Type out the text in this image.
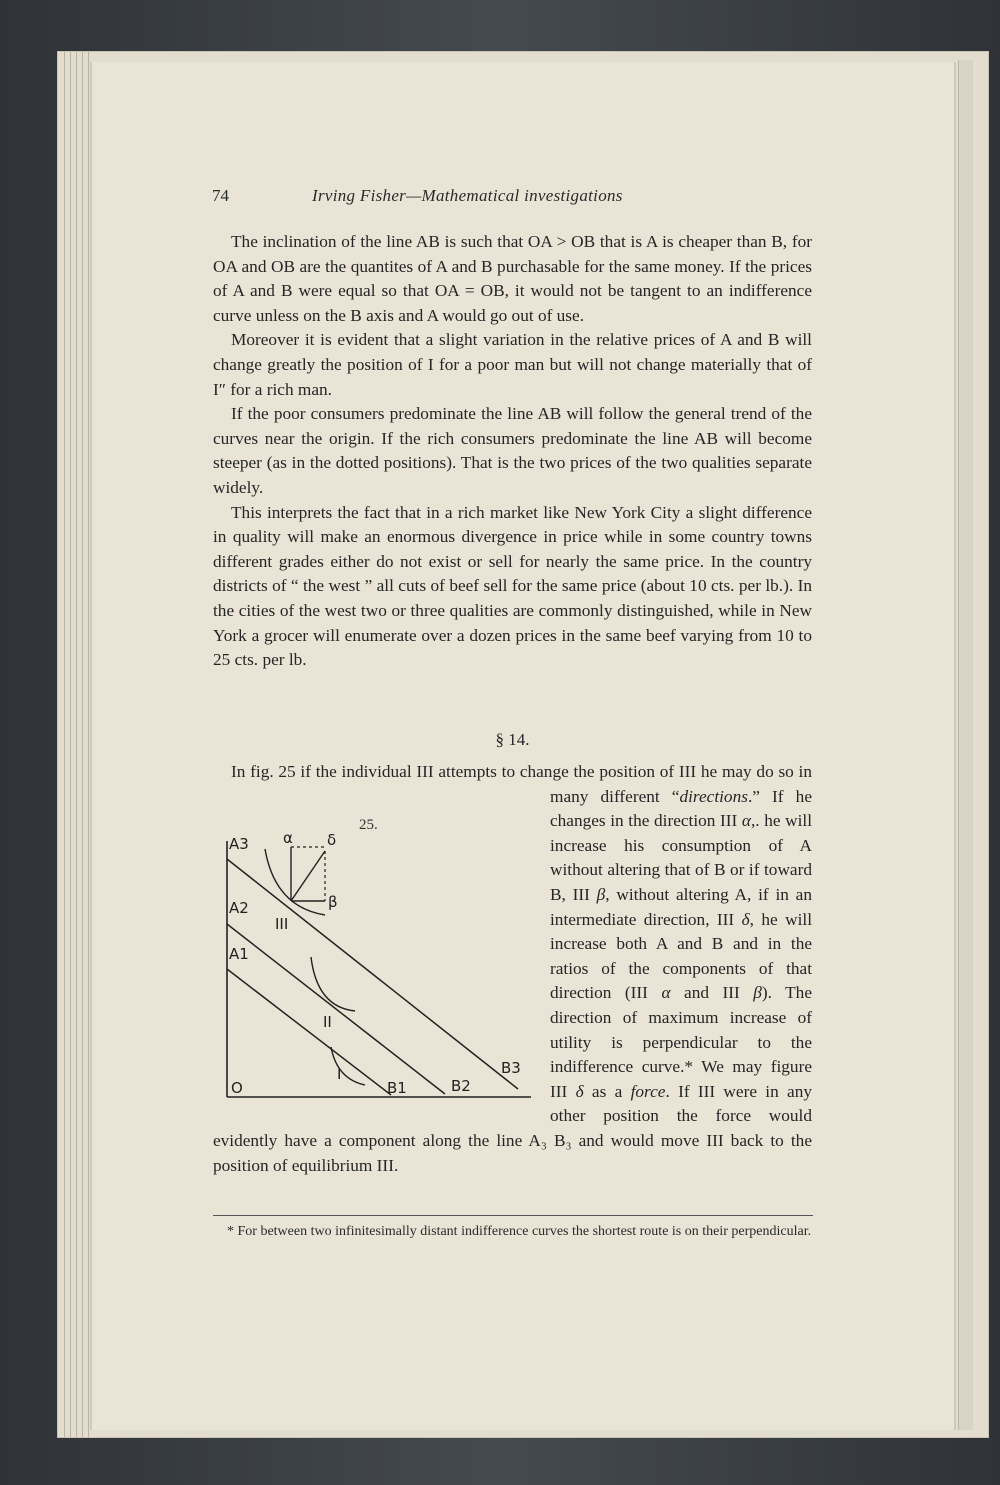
74	Irving Fisher—Mathematical investigations

The inclination of the line AB is such that OA > OB that is A is cheaper than B, for OA and OB are the quantites of A and B purchasable for the same money. If the prices of A and B were equal so that OA = OB, it would not be tangent to an indifference curve unless on the B axis and A would go out of use.

Moreover it is evident that a slight variation in the relative prices of A and B will change greatly the position of I for a poor man but will not change materially that of I″ for a rich man.

If the poor consumers predominate the line AB will follow the general trend of the curves near the origin. If the rich consumers predominate the line AB will become steeper (as in the dotted positions). That is the two prices of the two qualities separate widely.

This interprets the fact that in a rich market like New York City a slight difference in quality will make an enormous divergence in price while in some country towns different grades either do not exist or sell for nearly the same price. In the country districts of “ the west ” all cuts of beef sell for the same price (about 10 cts. per lb.). In the cities of the west two or three qualities are commonly distinguished, while in New York a grocer will enumerate over a dozen prices in the same beef varying from 10 to 25 cts. per lb.

§ 14.

In fig. 25 if the individual III attempts to change the position of III he may do so in many different “
25.
A3
A2
A1
O	B1	B2
B3
III
II
I
α
β
δ
directions.” If he changes in the direction III α,. he will increase his consumption of A without altering that of B or if toward B, III β, without altering A, if in an intermediate direction, III δ, he will increase both A and B and in the ratios of the components of that direction (III α and III β). The direction of maximum increase of utility is perpendicular to the indifference curve.* We may figure III δ as a force. If III were in any other position the force would evidently have a component along the line A₃ B₃ and would move III back to the position of equilibrium III.

* For between two infinitesimally distant indifference curves the shortest route is on their perpendicular.
